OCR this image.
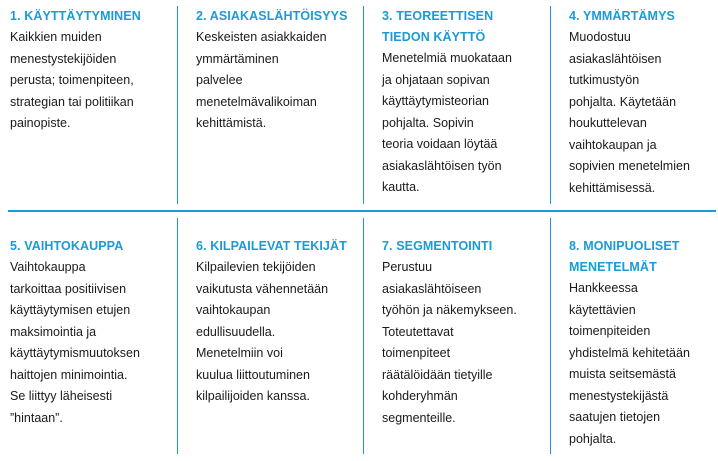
1. KÄYTTÄYTYMINEN

Kaikkien muiden
menestystekijöiden
perusta; toimenpiteen,
strategian tai politiikan
painopiste.

2. ASIAKASLÄHTÖISYYS

Keskeisten asiakkaiden
ymmärtäminen
palvelee
menetelmävalikoiman
kehittämistä.

3. TEOREETTISEN
TIEDON KÄYTTÖ

Menetelmiä muokataan
ja ohjataan sopivan
käyttäytymisteorian
pohjalta. Sopivin
teoria voidaan löytää
asiakaslähtöisen työn
kautta.

4. YMMÄRTÄMYS

Muodostuu
asiakaslähtöisen
tutkimustyön
pohjalta. Käytetään
houkuttelevan
vaihtokaupan ja
sopivien menetelmien
kehittämisessä.

5. VAIHTOKAUPPA

Vaihtokauppa
tarkoittaa positiivisen
käyttäytymisen etujen
maksimointia ja
käyttäytymismuutoksen
haittojen minimointia.
Se liittyy läheisesti
”hintaan”.

6. KILPAILEVAT TEKIJÄT

Kilpailevien tekijöiden
vaikutusta vähennetään
vaihtokaupan
edullisuudella.
Menetelmiin voi
kuulua liittoutuminen
kilpailijoiden kanssa.

7. SEGMENTOINTI

Perustuu
asiakaslähtöiseen
työhön ja näkemykseen.
Toteutettavat
toimenpiteet
räätälöidään tietyille
kohderyhmän
segmenteille.

8. MONIPUOLISET
MENETELMÄT

Hankkeessa
käytettävien
toimenpiteiden
yhdistelmä kehitetään
muista seitsemästä
menestystekijästä
saatujen tietojen
pohjalta.
